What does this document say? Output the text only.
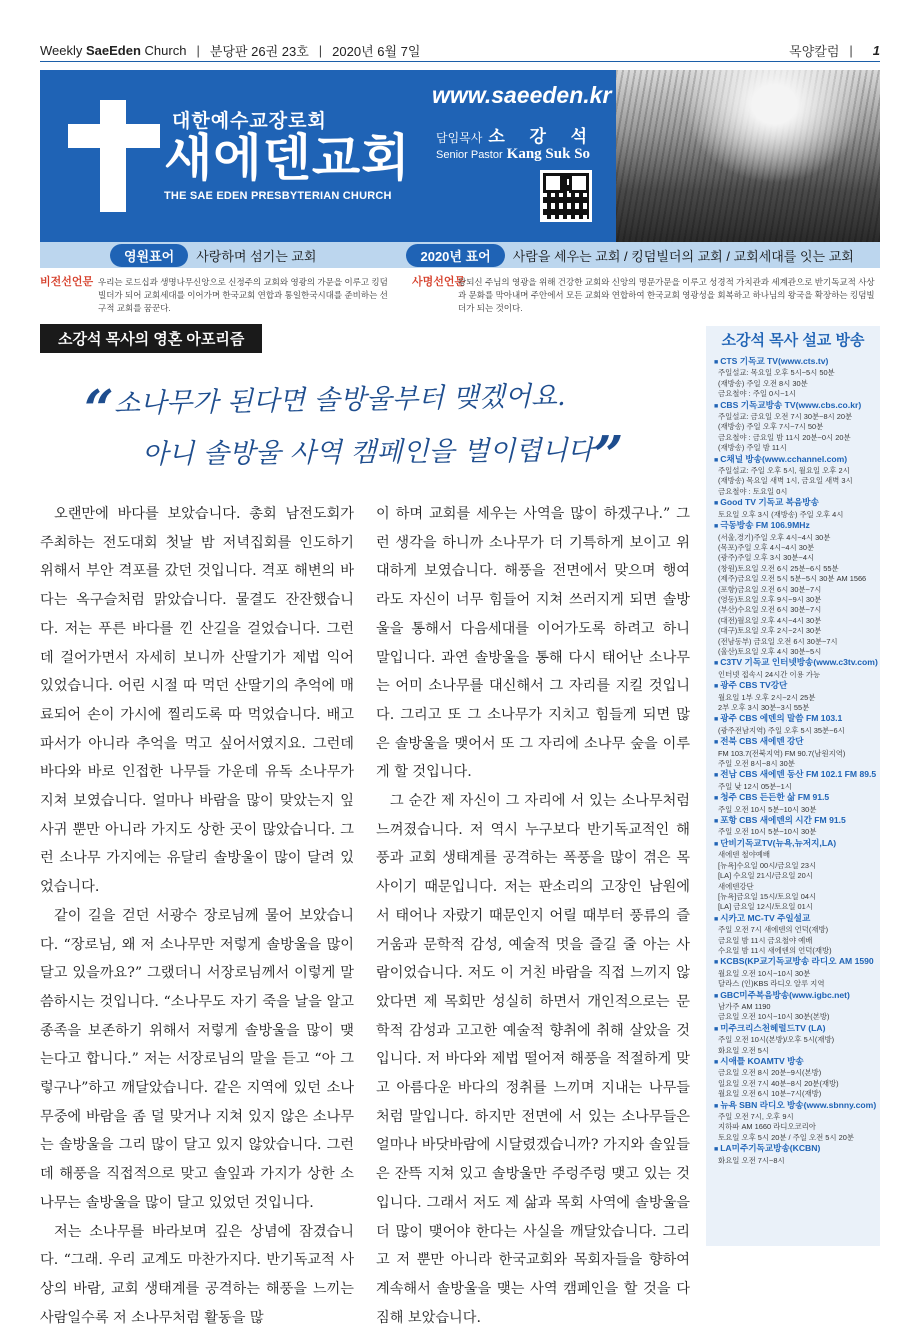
Weekly SaeEden Church | 분당판 26권 23호 | 2020년 6월 7일	목양칼럼 | 1
대한예수교장로회
새에덴교회
THE SAE EDEN PRESBYTERIAN CHURCH
www.saeeden.kr
담임목사 소 강 석
Senior Pastor Kang Suk So
영원표어	사랑하며 섬기는 교회	2020년 표어	사람을 세우는 교회 / 킹덤빌더의 교회 / 교회세대를 잇는 교회
비전선언문 우리는 로드십과 생명나무신앙으로 신정주의 교회와 영광의 가문을 이루고 킹덤빌더가 되어 교회세대를 이어가며 한국교회 연합과 통일한국시대를 준비하는 선구적 교회를 꿈꾼다.
사명선언문
왕되신 주님의 영광을 위해 건강한 교회와 신앙의 명문가문을 이루고 성경적 가치관과 세계관으로 반기독교적 사상과 문화를 막아내며 주안에서 모든 교회와 연합하여 한국교회 영광성을 회복하고 하나님의 왕국을 확장하는 킹덤빌더가 되는 것이다.
소강석 목사의 영혼 아포리즘
“소나무가 된다면 솔방울부터 맺겠어요.
아니 솔방울 사역 캠페인을 벌이렵니다”

오랜만에 바다를 보았습니다. 총회 남전도회가 주최하는 전도대회 첫날 밤 저녁집회를 인도하기 위해서 부안 격포를 갔던 것입니다. 격포 해변의 바다는 옥구슬처럼 맑았습니다. 물결도 잔잔했습니다. 저는 푸른 바다를 낀 산길을 걸었습니다. 그런데 걸어가면서 자세히 보니까 산딸기가 제법 익어 있었습니다. 어린 시절 따 먹던 산딸기의 추억에 매료되어 손이 가시에 찔리도록 따 먹었습니다. 배고파서가 아니라 추억을 먹고 싶어서였지요. 그런데 바다와 바로 인접한 나무들 가운데 유독 소나무가 지쳐 보였습니다. 얼마나 바람을 많이 맞았는지 잎사귀 뿐만 아니라 가지도 상한 곳이 많았습니다. 그런 소나무 가지에는 유달리 솔방울이 많이 달려 있었습니다.

같이 길을 걷던 서광수 장로님께 물어 보았습니다. “장로님, 왜 저 소나무만 저렇게 솔방울을 많이 달고 있을까요?” 그랬더니 서장로님께서 이렇게 말씀하시는 것입니다. “소나무도 자기 죽을 날을 알고 종족을 보존하기 위해서 저렇게 솔방울을 많이 맺는다고 합니다.” 저는 서장로님의 말을 듣고 “아 그렇구나”하고 깨달았습니다. 같은 지역에 있던 소나무중에 바람을 좀 덜 맞거나 지쳐 있지 않은 소나무는 솔방울을 그리 많이 달고 있지 않았습니다. 그런데 해풍을 직접적으로 맞고 솔잎과 가지가 상한 소나무는 솔방울을 많이 달고 있었던 것입니다.

저는 소나무를 바라보며 깊은 상념에 잠겼습니다. “그래. 우리 교계도 마찬가지다. 반기독교적 사상의 바람, 교회 생태계를 공격하는 해풍을 느끼는 사람일수록 저 소나무처럼 활동을 많

이 하며 교회를 세우는 사역을 많이 하겠구나.” 그런 생각을 하니까 소나무가 더 기특하게 보이고 위대하게 보였습니다. 해풍을 전면에서 맞으며 행여라도 자신이 너무 힘들어 지쳐 쓰러지게 되면 솔방울을 통해서 다음세대를 이어가도록 하려고 하니 말입니다. 과연 솔방울을 통해 다시 태어난 소나무는 어미 소나무를 대신해서 그 자리를 지킬 것입니다. 그리고 또 그 소나무가 지치고 힘들게 되면 많은 솔방울을 맺어서 또 그 자리에 소나무 숲을 이루게 할 것입니다.

그 순간 제 자신이 그 자리에 서 있는 소나무처럼 느껴졌습니다. 저 역시 누구보다 반기독교적인 해풍과 교회 생태계를 공격하는 폭풍을 많이 겪은 목사이기 때문입니다. 저는 판소리의 고장인 남원에서 태어나 자랐기 때문인지 어릴 때부터 풍류의 즐거움과 문학적 감성, 예술적 멋을 즐길 줄 아는 사람이었습니다. 저도 이 거친 바람을 직접 느끼지 않았다면 제 목회만 성실히 하면서 개인적으로는 문학적 감성과 고고한 예술적 향취에 취해 살았을 것입니다. 저 바다와 제법 떨어져 해풍을 적절하게 맞고 아름다운 바다의 정취를 느끼며 지내는 나무들처럼 말입니다. 하지만 전면에 서 있는 소나무들은 얼마나 바닷바람에 시달렸겠습니까? 가지와 솔잎들은 잔뜩 지쳐 있고 솔방울만 주렁주렁 맺고 있는 것입니다. 그래서 저도 제 삶과 목회 사역에 솔방울을 더 많이 맺어야 한다는 사실을 깨달았습니다. 그리고 저 뿐만 아니라 한국교회와 목회자들을 향하여 계속해서 솔방울을 맺는 사역 캠페인을 할 것을 다짐해 보았습니다.

소강석 목사 설교 방송
■ CTS 기독교 TV(www.cts.tv)
주일설교: 목요일 오후 5시~5시 50분
(재방송) 주일 오전 8시 30분
금요철야 : 주일 0시~1시
■ CBS 기독교방송 TV(www.cbs.co.kr)
주일설교: 금요일 오전 7시 30분~8시 20분
(재방송) 주일 오후 7시~7시 50분
금요철야 : 금요일 밤 11시 20분~0시 20분
(재방송) 주일 밤 11시
■ C채널 방송(www.cchannel.com)
주일설교: 주일 오후 5시, 월요일 오후 2시
(재방송) 목요일 새벽 1시, 금요일 새벽 3시
금요철야 : 토요일 0시
■ Good TV 기독교 복음방송
토요일 오후 3시 (재방송) 주일 오후 4시
■ 극동방송 FM 106.9MHz
(서울,경기)주일 오후 4시~4시 30분
(목포)주일 오후 4시~4시 30분
(광주)주일 오후 3시 30분~4시
(창원)토요일 오전 6시 25분~6시 55분
(제주)금요일 오전 5시 5분~5시 30분 AM 1566
(포항)금요일 오전 6시 30분~7시
(영동)토요일 오후 9시~9시 30분
(부산)수요일 오전 6시 30분~7시
(대전)월요일 오후 4시~4시 30분
(대구)토요일 오후 2시~2시 30분
(전남동부) 금요일 오전 6시 30분~7시
(울산)토요일 오후 4시 30분~5시
■ C3TV 기독교 인터넷방송(www.c3tv.com)
인터넷 접속시 24시간 이용 가능
■ 광주 CBS TV강단
월요일 1부 오후 2시~2시 25분
2부 오후 3시 30분~3시 55분
■ 광주 CBS 에덴의 말씀 FM 103.1
(광주전남지역) 주일 오후 5시 35분~6시
■ 전북 CBS 새에덴 강단
FM 103.7(전북지역) FM 90.7(남원지역)
주일 오전 8시~8시 30분
■ 전남 CBS 새에덴 동산 FM 102.1 FM 89.5
주일 낮 12시 05분~1시
■ 청주 CBS 든든한 삶 FM 91.5
주일 오전 10시 5분~10시 30분
■ 포항 CBS 새에덴의 시간 FM 91.5
주일 오전 10시 5분~10시 30분
■ 단비기독교TV(뉴욕,뉴저지,LA)
새에덴 철야예배
[뉴욕]수요일 00시/금요일 23시
[LA] 수요일 21시/금요일 20시
새에덴강단
[뉴욕]금요일 15시/토요일 04시
[LA] 금요일 12시/토요일 01시
■ 시카고 MC-TV 주일설교
주일 오전 7시 새에덴의 언덕(재방)
금요일 밤 11시 금요철야 예배
수요일 밤 11시 새에덴의 언덕(재방)
■ KCBS(KP교기독교방송 라디오 AM 1590
월요일 오전 10시~10시 30분
달라스 (인)KBS 라디오 알루 지역
■ GBC미주복음방송(www.igbc.net)
남가주 AM 1190
금요일 오전 10시~10시 30분(본방)
■ 미주크리스천헤럴드TV (LA)
주일 오전 10시(본방)/오후 5시(재방)
화요일 오전 5시
■ 시애틀 KOAMTV 방송
금요일 오전 8시 20분~9시(본방)
일요일 오전 7시 40분~8시 20분(재방)
월요일 오전 6시 10분~7시(재방)
■ 뉴욕 SBN 라디오 방송(www.sbnny.com)
주일 오전 7시, 오후 9시
지하파 AM 1660 라디오코리아
토요일 오후 5시 20분 / 주일 오전 5시 20분
■ LA미주기독교방송(KCBN)
화요일 오전 7시~8시
